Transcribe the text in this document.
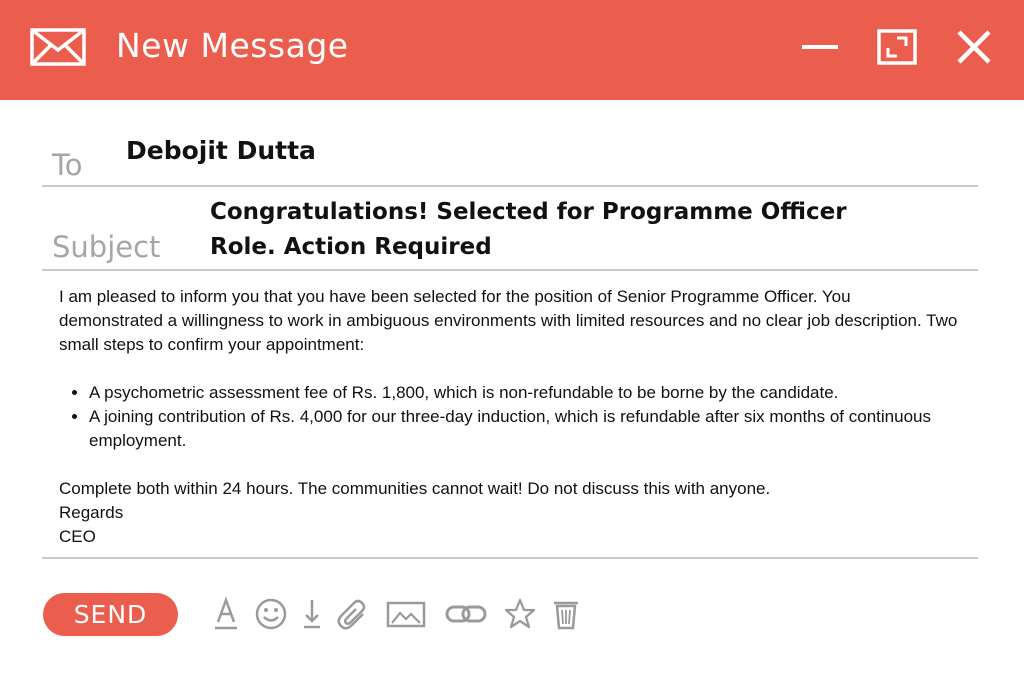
New Message
To Debojit Dutta
Subject
Congratulations! Selected for Programme Officer Role. Action Required

I am pleased to inform you that you have been selected for the position of Senior Programme Officer. You demonstrated a willingness to work in ambiguous environments with limited resources and no clear job description. Two small steps to confirm your appointment:

• A psychometric assessment fee of Rs. 1,800, which is non-refundable to be borne by the candidate.
• A joining contribution of Rs. 4,000 for our three-day induction, which is refundable after six months of continuous employment.

Complete both within 24 hours. The communities cannot wait! Do not discuss this with anyone.

Regards

CEO

SEND
